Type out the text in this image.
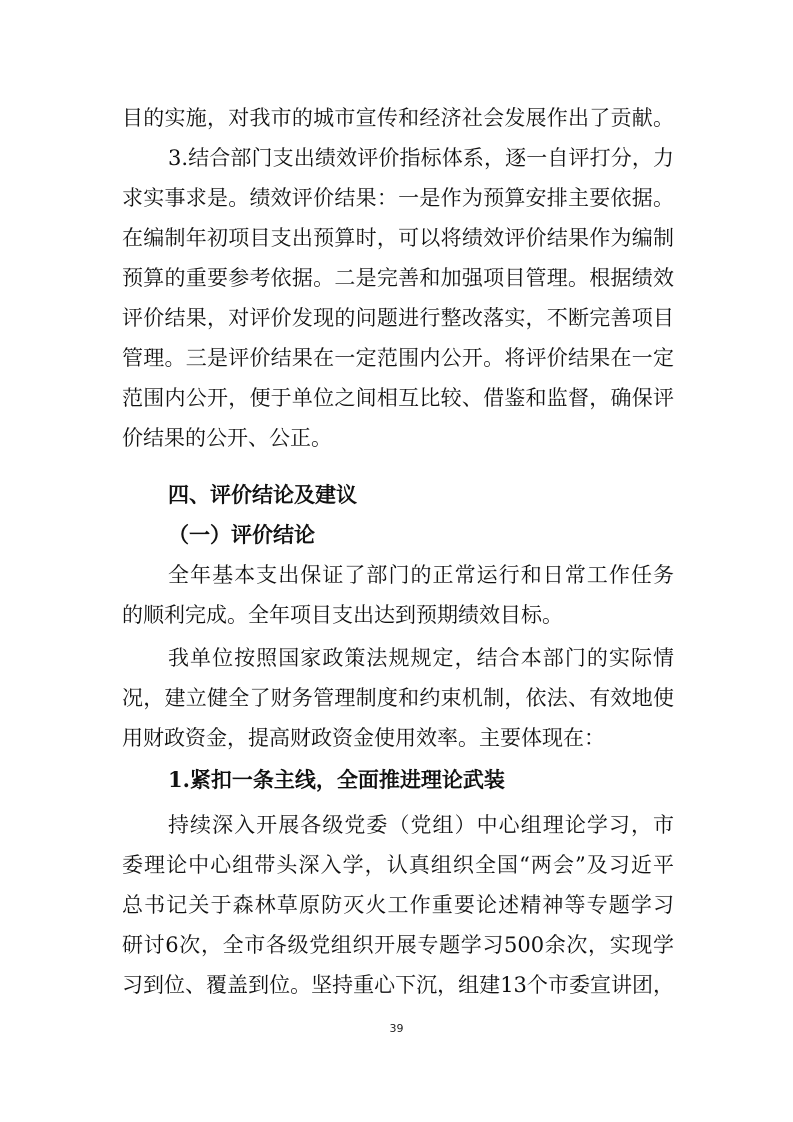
目的实施，对我市的城市宣传和经济社会发展作出了贡献。
3.结合部门支出绩效评价指标体系，逐一自评打分，力
求实事求是。绩效评价结果：一是作为预算安排主要依据。
在编制年初项目支出预算时，可以将绩效评价结果作为编制
预算的重要参考依据。二是完善和加强项目管理。根据绩效
评价结果，对评价发现的问题进行整改落实，不断完善项目
管理。三是评价结果在一定范围内公开。将评价结果在一定
范围内公开，便于单位之间相互比较、借鉴和监督，确保评
价结果的公开、公正。
四、评价结论及建议
（一）评价结论
全年基本支出保证了部门的正常运行和日常工作任务
的顺利完成。全年项目支出达到预期绩效目标。
我单位按照国家政策法规规定，结合本部门的实际情
况，建立健全了财务管理制度和约束机制，依法、有效地使
用财政资金，提高财政资金使用效率。主要体现在：
1.紧扣一条主线，全面推进理论武装
持续深入开展各级党委（党组）中心组理论学习，市
委理论中心组带头深入学，认真组织全国“两会”及习近平
总书记关于森林草原防灭火工作重要论述精神等专题学习
研讨6次，全市各级党组织开展专题学习500余次，实现学
习到位、覆盖到位。坚持重心下沉，组建13个市委宣讲团，
39
